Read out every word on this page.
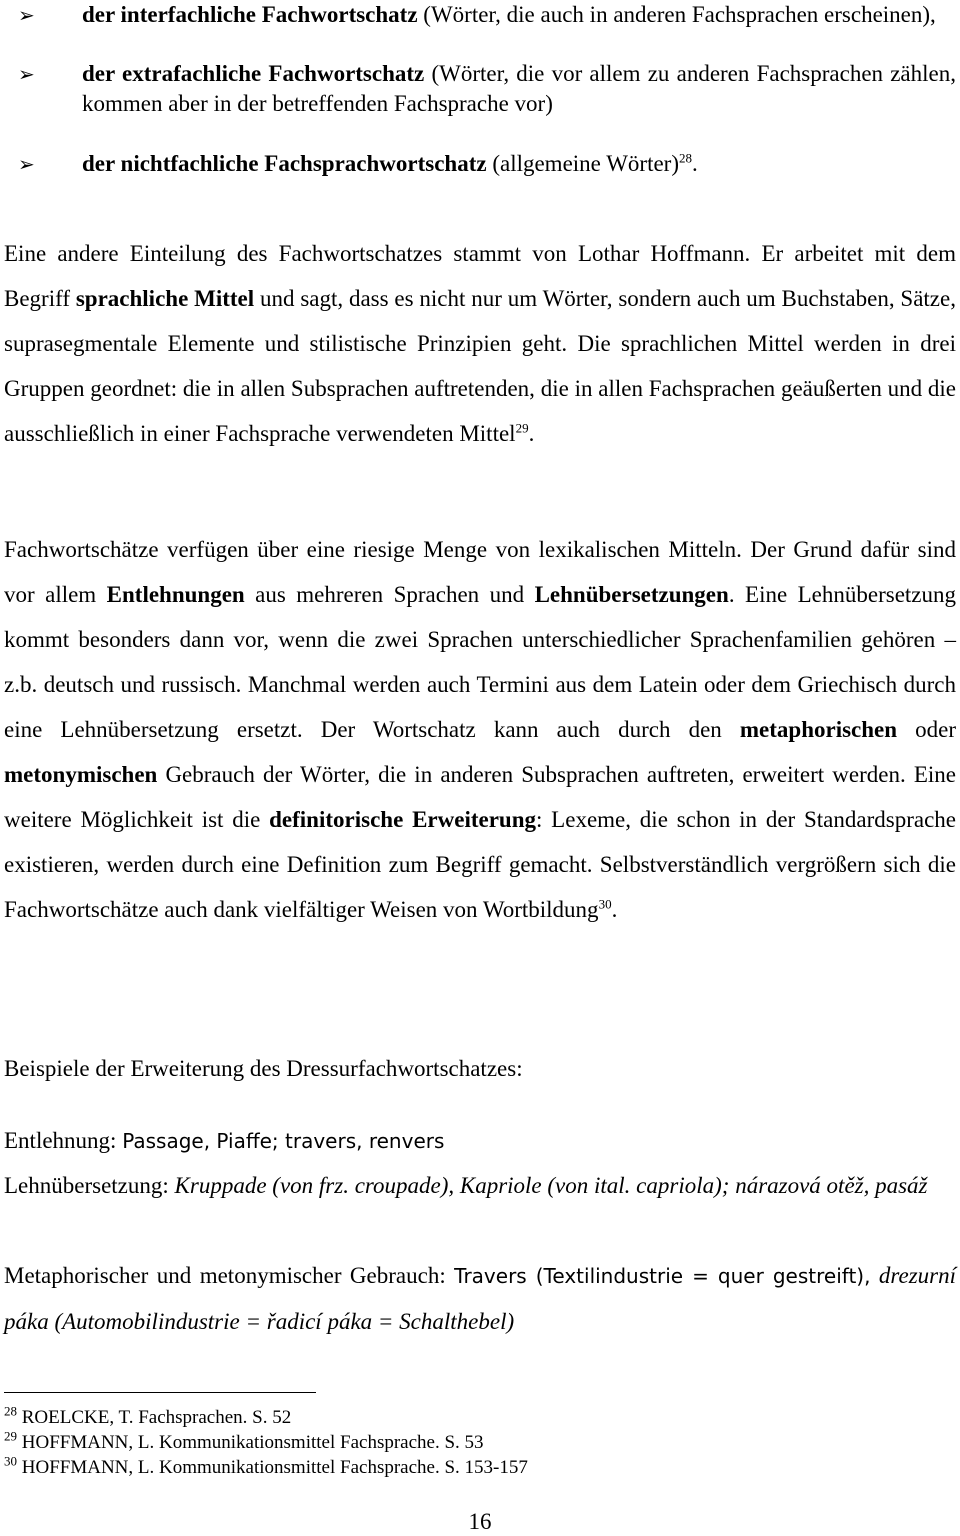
➢ der interfachliche Fachwortschatz (Wörter, die auch in anderen Fachsprachen erscheinen),
➢ der extrafachliche Fachwortschatz (Wörter, die vor allem zu anderen Fachsprachen zählen, kommen aber in der betreffenden Fachsprache vor)
➢ der nichtfachliche Fachsprachwortschatz (allgemeine Wörter)$^{28}$.

Eine andere Einteilung des Fachwortschatzes stammt von Lothar Hoffmann. Er arbeitet mit dem Begriff sprachliche Mittel und sagt, dass es nicht nur um Wörter, sondern auch um Buchstaben, Sätze, suprasegmentale Elemente und stilistische Prinzipien geht. Die sprachlichen Mittel werden in drei Gruppen geordnet: die in allen Subsprachen auftretenden, die in allen Fachsprachen geäußerten und die ausschließlich in einer Fachsprache verwendeten Mittel$^{29}$.

Fachwortschätze verfügen über eine riesige Menge von lexikalischen Mitteln. Der Grund dafür sind vor allem Entlehnungen aus mehreren Sprachen und Lehnübersetzungen. Eine Lehnübersetzung kommt besonders dann vor, wenn die zwei Sprachen unterschiedlicher Sprachenfamilien gehören – z.b. deutsch und russisch. Manchmal werden auch Termini aus dem Latein oder dem Griechisch durch eine Lehnübersetzung ersetzt. Der Wortschatz kann auch durch den metaphorischen oder metonymischen Gebrauch der Wörter, die in anderen Subsprachen auftreten, erweitert werden. Eine weitere Möglichkeit ist die definitorische Erweiterung: Lexeme, die schon in der Standardsprache existieren, werden durch eine Definition zum Begriff gemacht. Selbstverständlich vergrößern sich die Fachwortschätze auch dank vielfältiger Weisen von Wortbildung$^{30}$.

Beispiele der Erweiterung des Dressurfachwortschatzes:

Entlehnung: Passage, Piaffe; travers, renvers

Lehnübersetzung: Kruppade (von frz. croupade), Kapriole (von ital. capriola); nárazová otěž, pasáž

Metaphorischer und metonymischer Gebrauch: Travers (Textilindustrie = quer gestreift), drezurní páka (Automobilindustrie = řadicí páka = Schalthebel)

$^{28}$ ROELCKE, T. Fachsprachen. S. 52
$^{29}$ HOFFMANN, L. Kommunikationsmittel Fachsprache. S. 53
$^{30}$ HOFFMANN, L. Kommunikationsmittel Fachsprache. S. 153-157
16
